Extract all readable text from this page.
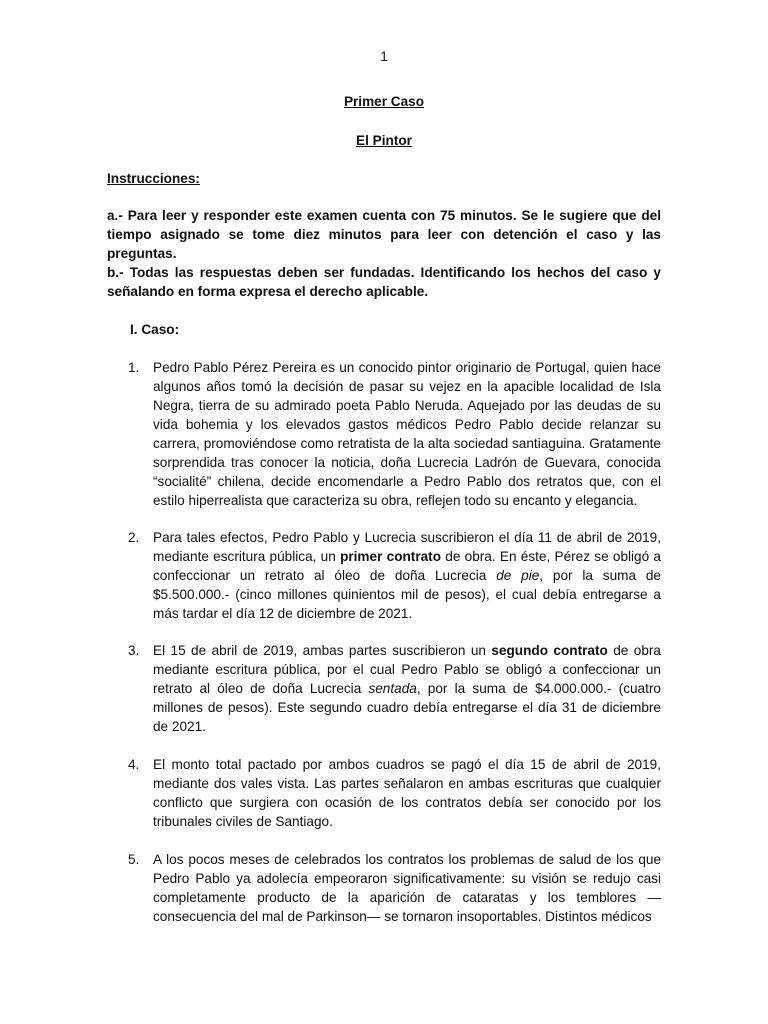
1
Primer Caso
El Pintor
Instrucciones:
a.- Para leer y responder este examen cuenta con 75 minutos. Se le sugiere que del tiempo asignado se tome diez minutos para leer con detención el caso y las preguntas.
b.- Todas las respuestas deben ser fundadas. Identificando los hechos del caso y señalando en forma expresa el derecho aplicable.
I. Caso:
1.	Pedro Pablo Pérez Pereira es un conocido pintor originario de Portugal, quien hace algunos años tomó la decisión de pasar su vejez en la apacible localidad de Isla Negra, tierra de su admirado poeta Pablo Neruda. Aquejado por las deudas de su vida bohemia y los elevados gastos médicos Pedro Pablo decide relanzar su carrera, promoviéndose como retratista de la alta sociedad santiaguina. Gratamente sorprendida tras conocer la noticia, doña Lucrecia Ladrón de Guevara, conocida “socialité” chilena, decide encomendarle a Pedro Pablo dos retratos que, con el estilo hiperrealista que caracteriza su obra, reflejen todo su encanto y elegancia.
2.	Para tales efectos, Pedro Pablo y Lucrecia suscribieron el día 11 de abril de 2019, mediante escritura pública, un primer contrato de obra. En éste, Pérez se obligó a confeccionar un retrato al óleo de doña Lucrecia de pie, por la suma de $5.500.000.- (cinco millones quinientos mil de pesos), el cual debía entregarse a más tardar el día 12 de diciembre de 2021.
3.	El 15 de abril de 2019, ambas partes suscribieron un segundo contrato de obra mediante escritura pública, por el cual Pedro Pablo se obligó a confeccionar un retrato al óleo de doña Lucrecia sentada, por la suma de $4.000.000.- (cuatro millones de pesos). Este segundo cuadro debía entregarse el día 31 de diciembre de 2021.
4.	El monto total pactado por ambos cuadros se pagó el día 15 de abril de 2019, mediante dos vales vista. Las partes señalaron en ambas escrituras que cualquier conflicto que surgiera con ocasión de los contratos debía ser conocido por los tribunales civiles de Santiago.
5.	A los pocos meses de celebrados los contratos los problemas de salud de los que Pedro Pablo ya adolecía empeoraron significativamente: su visión se redujo casi completamente producto de la aparición de cataratas y los temblores —consecuencia del mal de Parkinson— se tornaron insoportables. Distintos médicos
